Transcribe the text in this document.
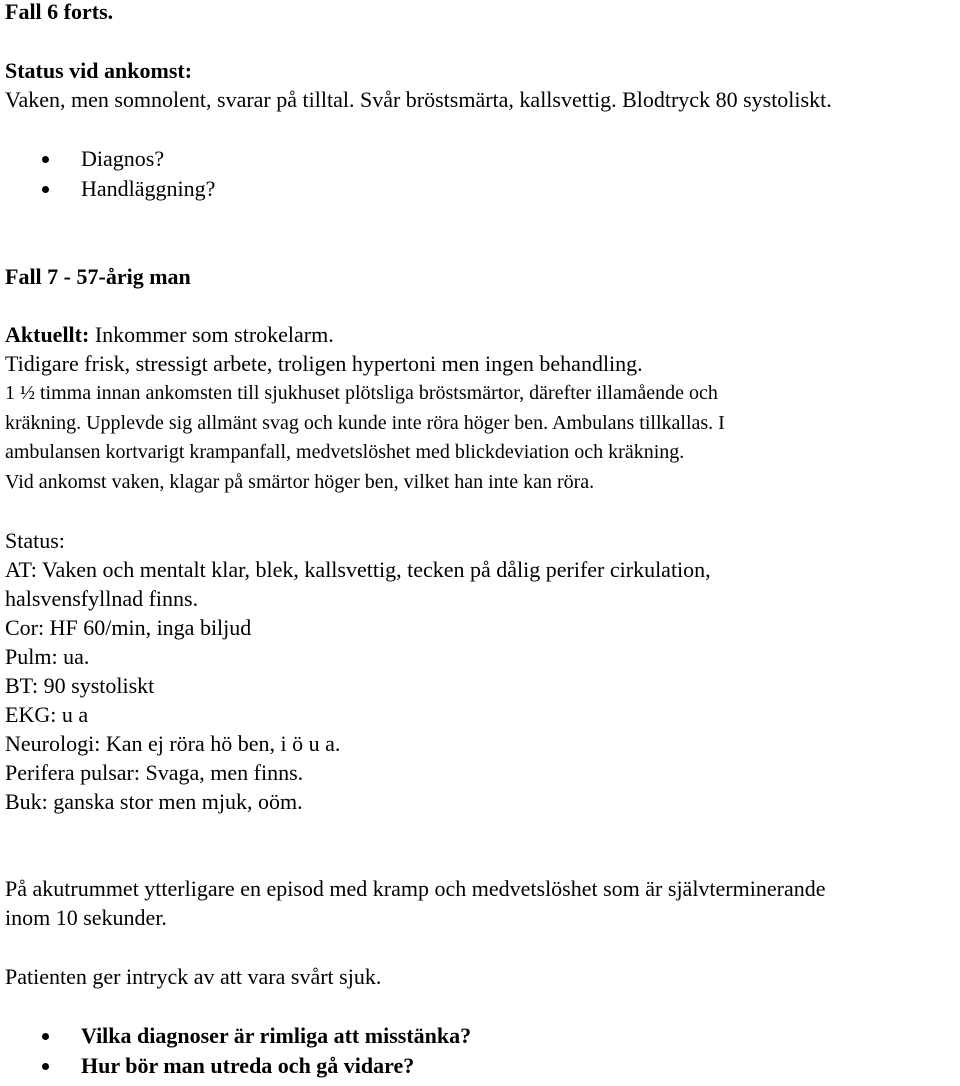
Fall 6 forts.
Status vid ankomst:
Vaken, men somnolent, svarar på tilltal. Svår bröstsmärta, kallsvettig. Blodtryck 80 systoliskt.
Diagnos?
Handläggning?
Fall 7 - 57-årig man
Aktuellt: Inkommer som strokelarm.
Tidigare frisk, stressigt arbete, troligen hypertoni men ingen behandling.
1 ½ timma innan ankomsten till sjukhuset plötsliga bröstsmärtor, därefter illamående och
kräkning. Upplevde sig allmänt svag och kunde inte röra höger ben. Ambulans tillkallas. I
ambulansen kortvarigt krampanfall, medvetslöshet med blickdeviation och kräkning.
Vid ankomst vaken, klagar på smärtor höger ben, vilket han inte kan röra.
Status:
AT: Vaken och mentalt klar, blek, kallsvettig, tecken på dålig perifer cirkulation,
halsvensfyllnad finns.
Cor: HF 60/min, inga biljud
Pulm: ua.
BT: 90 systoliskt
EKG: u a
Neurologi: Kan ej röra hö ben, i ö u a.
Perifera pulsar: Svaga, men finns.
Buk: ganska stor men mjuk, oöm.
På akutrummet ytterligare en episod med kramp och medvetslöshet som är självterminerande
inom 10 sekunder.
Patienten ger intryck av att vara svårt sjuk.
Vilka diagnoser är rimliga att misstänka?
Hur bör man utreda och gå vidare?
